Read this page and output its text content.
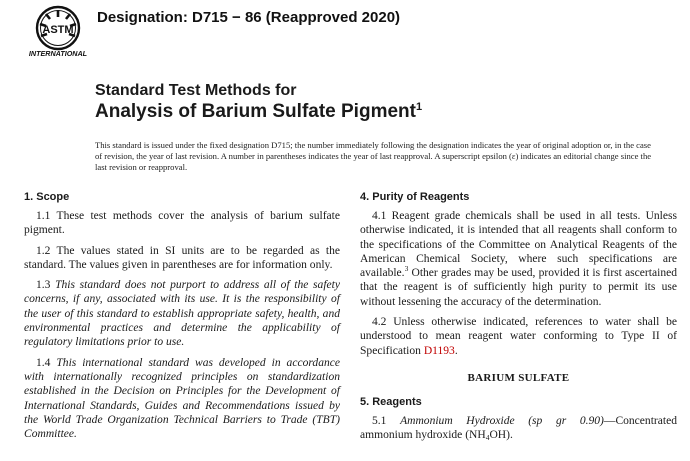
ASTM
INTERNATIONAL
Designation: D715 − 86 (Reapproved 2020)
Standard Test Methods for
Analysis of Barium Sulfate Pigment$^1$
This standard is issued under the fixed designation D715; the number immediately following the designation indicates the year of original adoption or, in the case of revision, the year of last revision. A number in parentheses indicates the year of last reapproval. A superscript epsilon (ε) indicates an editorial change since the last revision or reapproval.
1. Scope

1.1 These test methods cover the analysis of barium sulfate pigment.

1.2 The values stated in SI units are to be regarded as the standard. The values given in parentheses are for information only.

1.3 This standard does not purport to address all of the safety concerns, if any, associated with its use. It is the responsibility of the user of this standard to establish appropriate safety, health, and environmental practices and determine the applicability of regulatory limitations prior to use.

1.4 This international standard was developed in accordance with internationally recognized principles on standardization established in the Decision on Principles for the Development of International Standards, Guides and Recommendations issued by the World Trade Organization Technical Barriers to Trade (TBT) Committee.

4. Purity of Reagents

4.1 Reagent grade chemicals shall be used in all tests. Unless otherwise indicated, it is intended that all reagents shall conform to the specifications of the Committee on Analytical Reagents of the American Chemical Society, where such specifications are available.$^3$ Other grades may be used, provided it is first ascertained that the reagent is of sufficiently high purity to permit its use without lessening the accuracy of the determination.

4.2 Unless otherwise indicated, references to water shall be understood to mean reagent water conforming to Type II of Specification D1193.

BARIUM SULFATE
5. Reagents

5.1 Ammonium Hydroxide (sp gr 0.90)—Concentrated ammonium hydroxide $(NH_4OH)$.
